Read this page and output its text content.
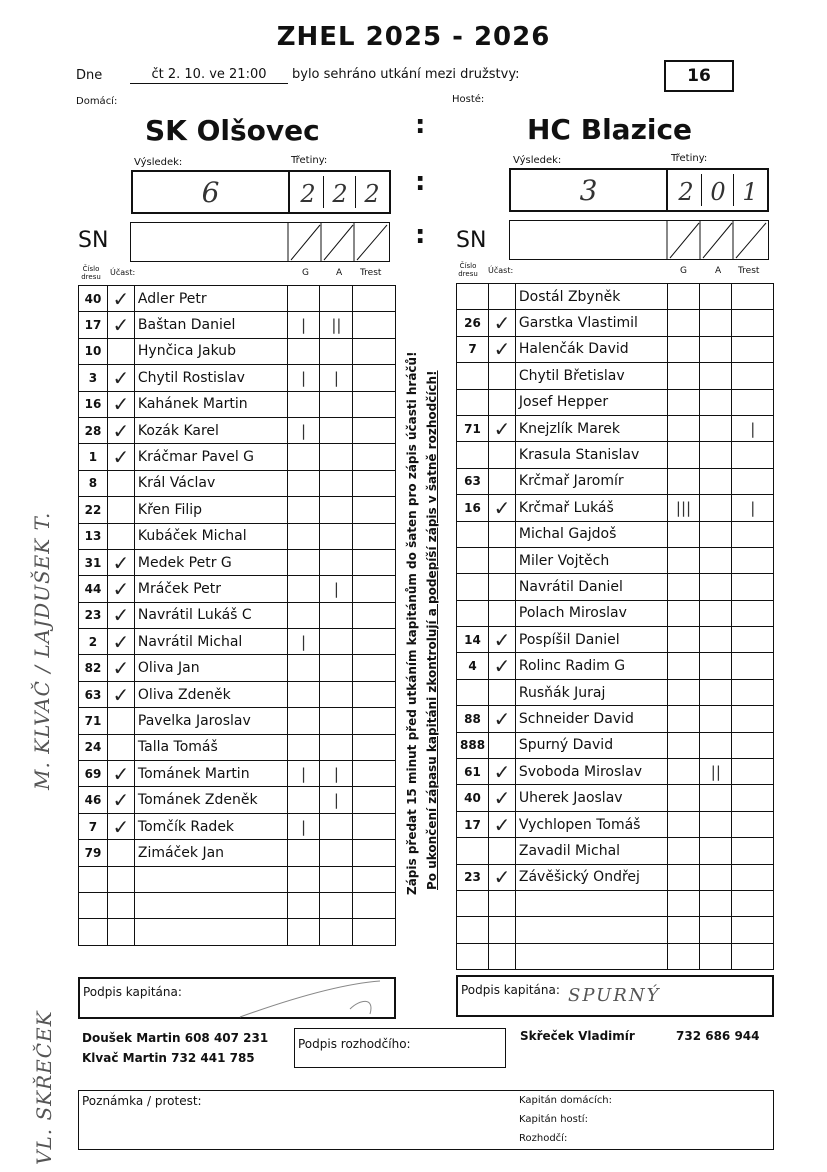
ZHEL 2025 - 2026
Dne	čt 2. 10. ve 21:00	bylo sehráno utkání mezi družstvy:	16
Domácí:	Hosté:
SK Olšovec	HC Blazice
:
:
:
Výsledek:	Třetiny:
6	2 2 2
Výsledek:	Třetiny:
3	2 0 1
SN	SN
Číslo dresu Účast:	G	A Trest
Číslo dresu Účast:	G	A Trest
40	✓	Adler Petr			
17	✓	Baštan Daniel	|	||	
10		Hynčica Jakub			
3	✓	Chytil Rostislav	|	|	
16	✓	Kahánek Martin			
28	✓	Kozák Karel	|		
1	✓	Kráčmar Pavel G			
8		Král Václav			
22		Křen Filip			
13		Kubáček Michal			
31	✓	Medek Petr G			
44	✓	Mráček Petr		|	
23	✓	Navrátil Lukáš C			
2	✓	Navrátil Michal	|		
82	✓	Oliva Jan			
63	✓	Oliva Zdeněk			
71		Pavelka Jaroslav			
24		Talla Tomáš			
69	✓	Tománek Martin	|	|	
46	✓	Tománek Zdeněk		|	
7	✓	Tomčík Radek	|		
79		Zimáček Jan			

		Dostál Zbyněk			
26	✓	Garstka Vlastimil			
7	✓	Halenčák David			
		Chytil Břetislav			
		Josef Hepper			
71	✓	Knejzlík Marek			|
		Krasula Stanislav			
63		Krčmař Jaromír			
16	✓	Krčmař Lukáš	|||		|
		Michal Gajdoš			
		Miler Vojtěch			
		Navrátil Daniel			
		Polach Miroslav			
14	✓	Pospíšil Daniel			
4	✓	Rolinc Radim G			
		Rusňák Juraj			
88	✓	Schneider David			
888		Spurný David			
61	✓	Svoboda Miroslav		||	
40	✓	Uherek Jaoslav			
17	✓	Vychlopen Tomáš			
		Zavadil Michal			
23	✓	Závěšický Ondřej			

Zápis předat 15 minut před utkáním kapitánům do šaten pro zápis účasti hráčů! Po ukončení zápasu kapitáni zkontrolují a podepíší zápis v šatně rozhodčích!
M. KLVAČ / LAJDUŠEK T.
VL. SKŘEČEK
Podpis kapitána:	Podpis kapitána: SPURNÝ
Doušek Martin 608 407 231
Klvač Martin 732 441 785
Podpis rozhodčího:
Skřeček Vladimír	732 686 944
Poznámka / protest:	Kapitán domácích:
Kapitán hostí:
Rozhodčí:
